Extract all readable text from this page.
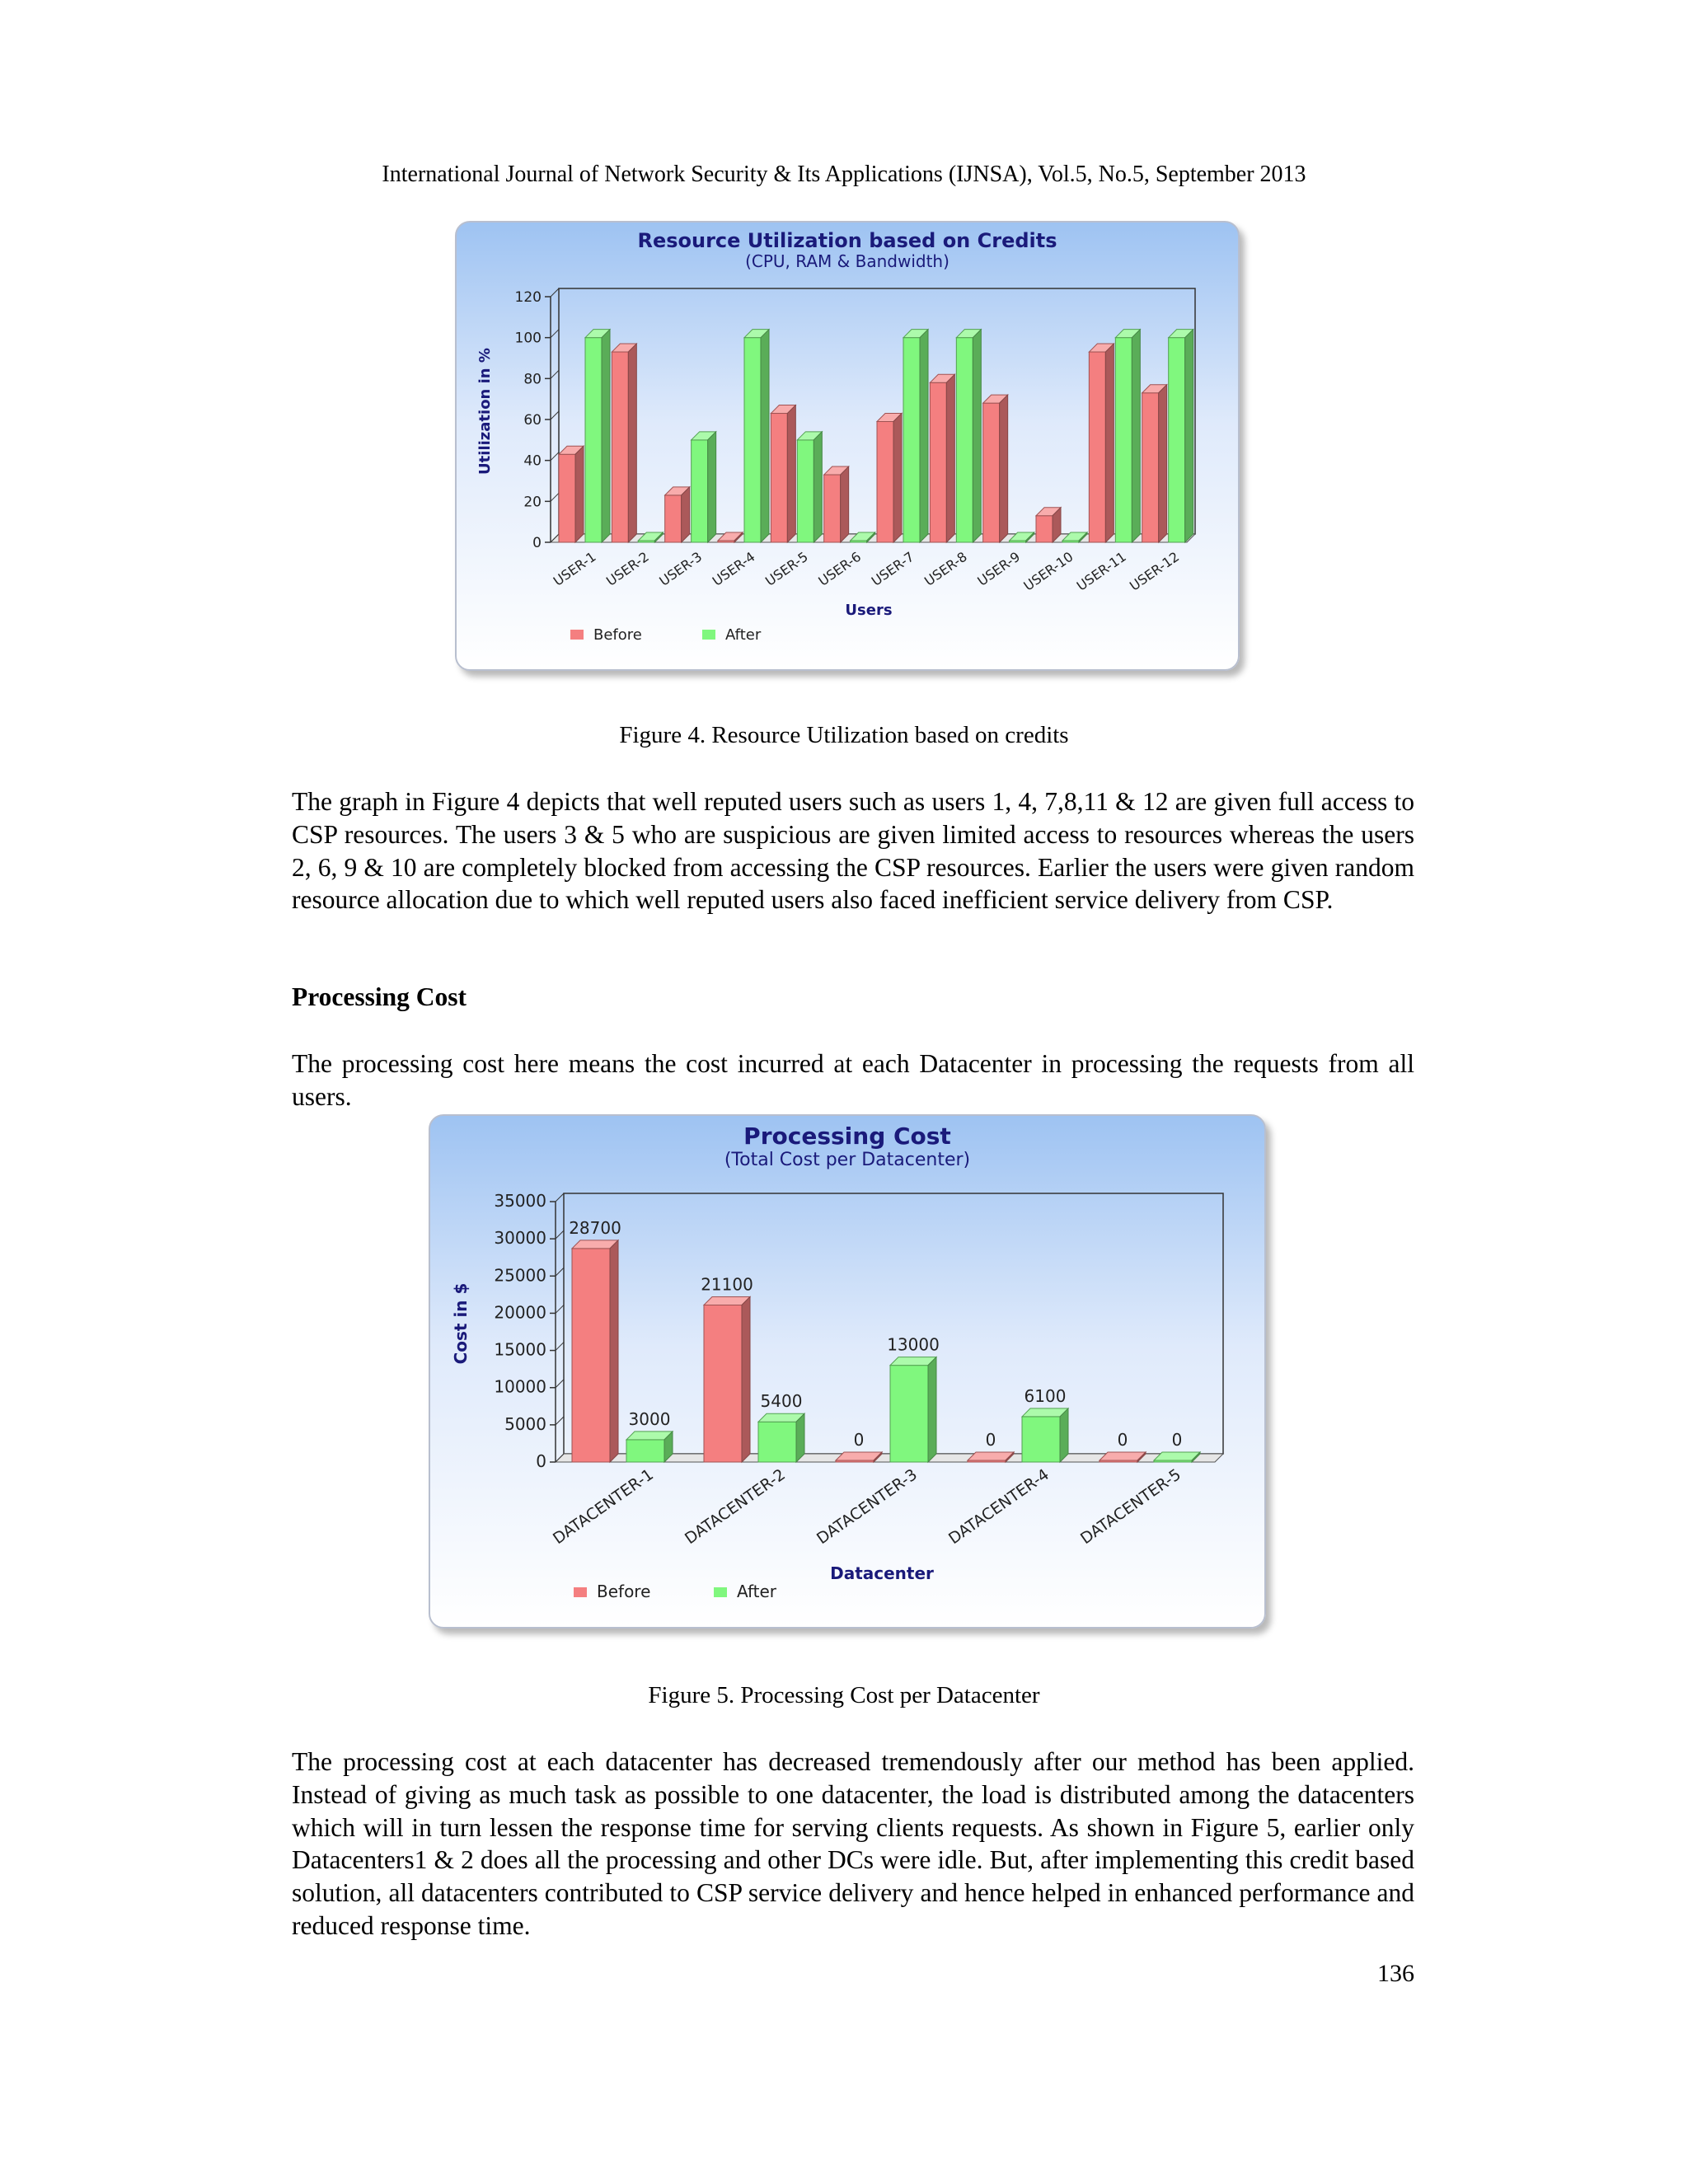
International Journal of Network Security & Its Applications (IJNSA), Vol.5, No.5, September 2013
Resource Utilization based on Credits
(CPU, RAM & Bandwidth)
0
20
40
60
80
100
120
Utilization in %
USER-1 USER-2 USER-3 USER-4 USER-5 USER-6 USER-7 USER-8 USER-9
USER-10
USER-11
USER-12
Users
Before	After
Figure 4. Resource Utilization based on credits
The graph in Figure 4 depicts that well reputed users such as users 1, 4, 7,8,11 & 12 are given full access to CSP resources. The users 3 & 5 who are suspicious are given limited access to resources whereas the users 2, 6, 9 & 10 are completely blocked from accessing the CSP resources. Earlier the users were given random resource allocation due to which well reputed users also faced inefficient service delivery from CSP.
Processing Cost
The processing cost here means the cost incurred at each Datacenter in processing the requests from all users.
Processing Cost
(Total Cost per Datacenter)
0
5000
10000
15000
20000
25000
30000
35000
Cost in $
28700
3000
DATACENTER-1
21100
5400
DATACENTER-2
0
13000
DATACENTER-3
0
6100
DATACENTER-4
0	0
DATACENTER-5
Datacenter
Before	After
Figure 5. Processing Cost per Datacenter
The processing cost at each datacenter has decreased tremendously after our method has been applied. Instead of giving as much task as possible to one datacenter, the load is distributed among the datacenters which will in turn lessen the response time for serving clients requests. As shown in Figure 5, earlier only Datacenters1 & 2 does all the processing and other DCs were idle. But, after implementing this credit based solution, all datacenters contributed to CSP service delivery and hence helped in enhanced performance and reduced response time.
136
